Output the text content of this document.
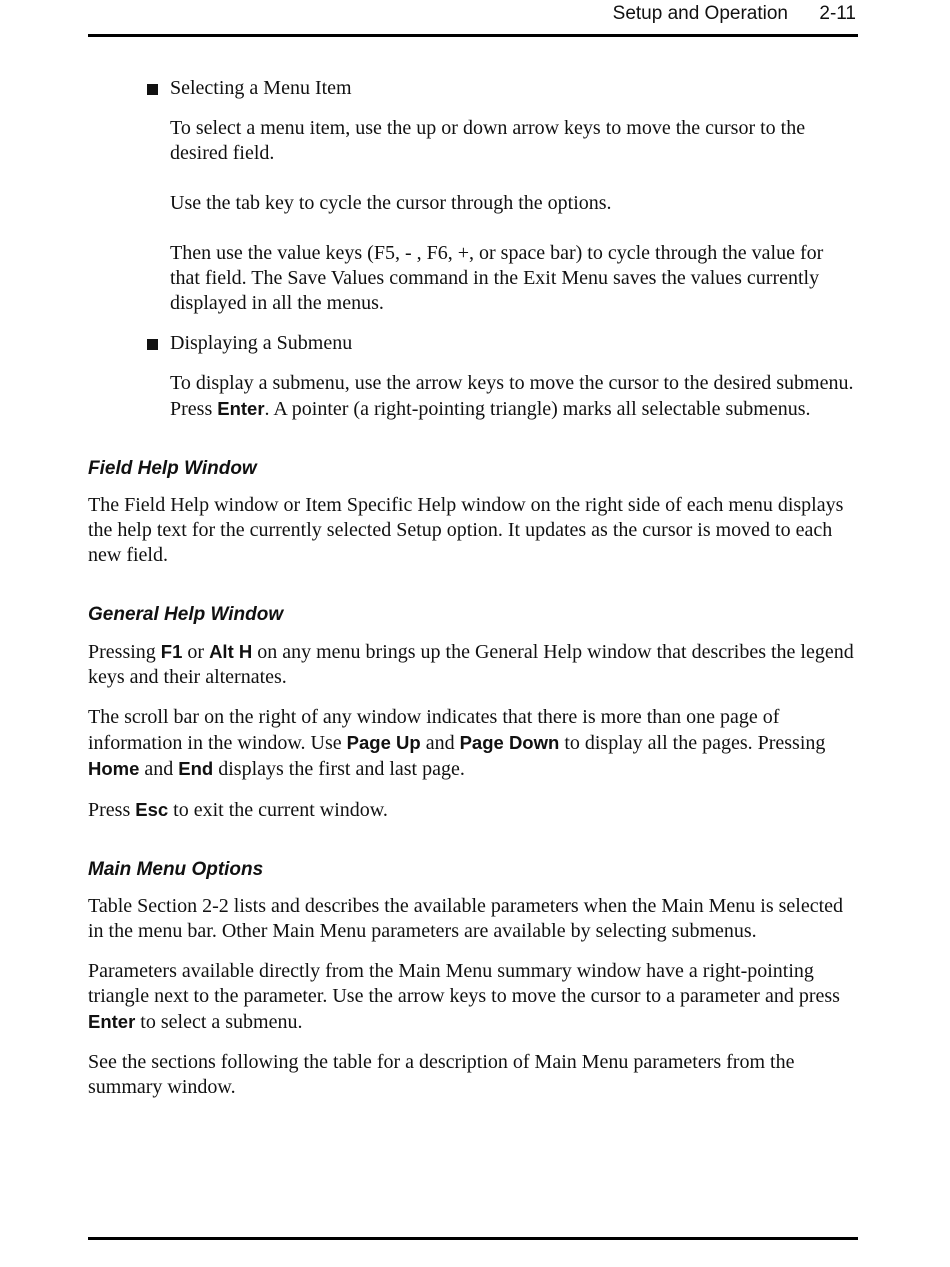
Setup and Operation 2-11
Selecting a Menu Item

To select a menu item, use the up or down arrow keys to move the cursor to the desired field.

Use the tab key to cycle the cursor through the options.

Then use the value keys (F5, - , F6, +, or space bar) to cycle through the value for that field. The Save Values command in the Exit Menu saves the values currently displayed in all the menus.

Displaying a Submenu

To display a submenu, use the arrow keys to move the cursor to the desired submenu. Press Enter. A pointer (a right-pointing triangle) marks all selectable submenus.

Field Help Window

The Field Help window or Item Specific Help window on the right side of each menu displays the help text for the currently selected Setup option. It updates as the cursor is moved to each new field.

General Help Window

Pressing F1 or Alt H on any menu brings up the General Help window that describes the legend keys and their alternates.

The scroll bar on the right of any window indicates that there is more than one page of information in the window. Use Page Up and Page Down to display all the pages. Pressing Home and End displays the first and last page.

Press Esc to exit the current window.

Main Menu Options

Table Section 2-2 lists and describes the available parameters when the Main Menu is selected in the menu bar. Other Main Menu parameters are available by selecting submenus.

Parameters available directly from the Main Menu summary window have a right-pointing triangle next to the parameter. Use the arrow keys to move the cursor to a parameter and press Enter to select a submenu.

See the sections following the table for a description of Main Menu parameters from the summary window.
